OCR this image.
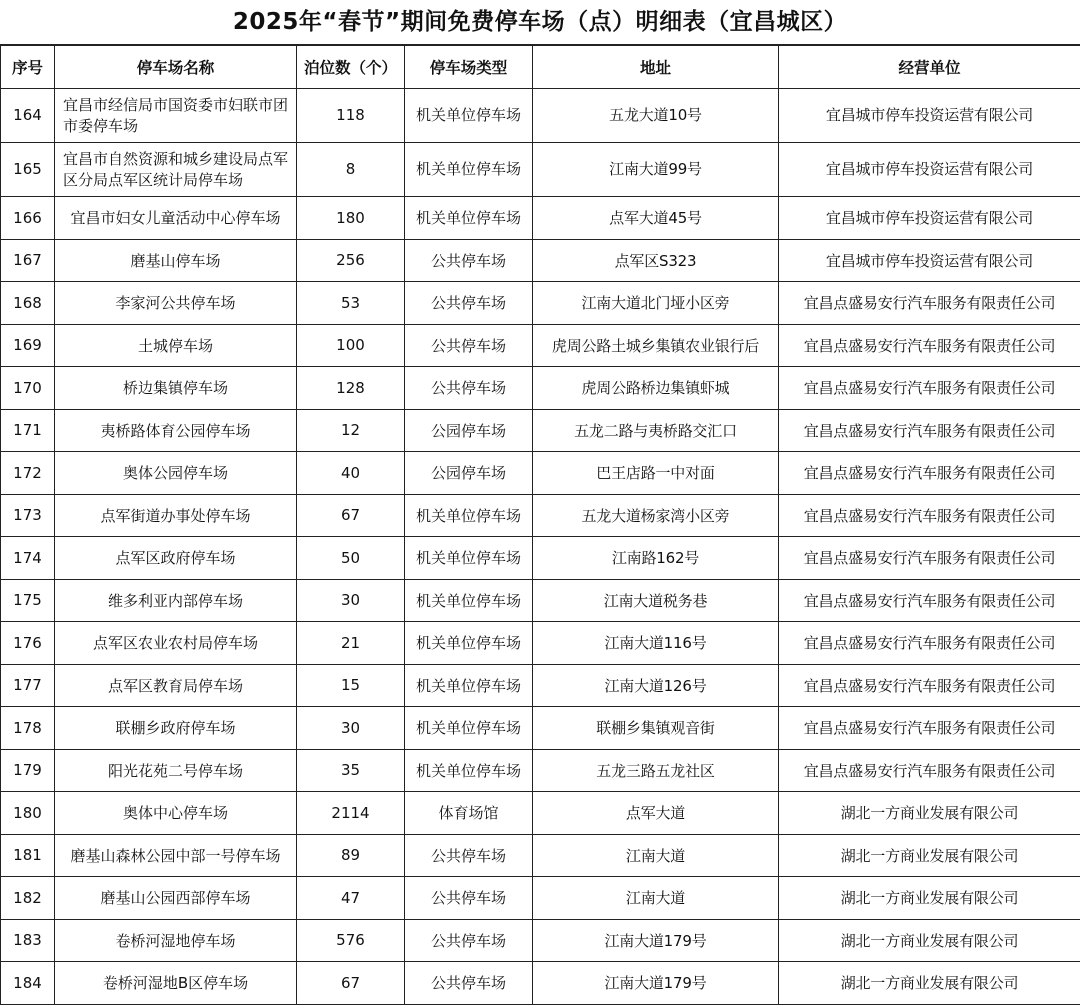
2025年“春节”期间免费停车场（点）明细表（宜昌城区）
序号	停车场名称	泊位数（个）	停车场类型	地址	经营单位
164	宜昌市经信局市国资委市妇联市团市委停车场	118	机关单位停车场	五龙大道10号	宜昌城市停车投资运营有限公司
165	宜昌市自然资源和城乡建设局点军区分局点军区统计局停车场	8	机关单位停车场	江南大道99号	宜昌城市停车投资运营有限公司
166	宜昌市妇女儿童活动中心停车场	180	机关单位停车场	点军大道45号	宜昌城市停车投资运营有限公司
167	磨基山停车场	256	公共停车场	点军区S323	宜昌城市停车投资运营有限公司
168	李家河公共停车场	53	公共停车场	江南大道北门垭小区旁	宜昌点盛易安行汽车服务有限责任公司
169	土城停车场	100	公共停车场	虎周公路土城乡集镇农业银行后	宜昌点盛易安行汽车服务有限责任公司
170	桥边集镇停车场	128	公共停车场	虎周公路桥边集镇虾城	宜昌点盛易安行汽车服务有限责任公司
171	夷桥路体育公园停车场	12	公园停车场	五龙二路与夷桥路交汇口	宜昌点盛易安行汽车服务有限责任公司
172	奥体公园停车场	40	公园停车场	巴王店路一中对面	宜昌点盛易安行汽车服务有限责任公司
173	点军街道办事处停车场	67	机关单位停车场	五龙大道杨家湾小区旁	宜昌点盛易安行汽车服务有限责任公司
174	点军区政府停车场	50	机关单位停车场	江南路162号	宜昌点盛易安行汽车服务有限责任公司
175	维多利亚内部停车场	30	机关单位停车场	江南大道税务巷	宜昌点盛易安行汽车服务有限责任公司
176	点军区农业农村局停车场	21	机关单位停车场	江南大道116号	宜昌点盛易安行汽车服务有限责任公司
177	点军区教育局停车场	15	机关单位停车场	江南大道126号	宜昌点盛易安行汽车服务有限责任公司
178	联棚乡政府停车场	30	机关单位停车场	联棚乡集镇观音街	宜昌点盛易安行汽车服务有限责任公司
179	阳光花苑二号停车场	35	机关单位停车场	五龙三路五龙社区	宜昌点盛易安行汽车服务有限责任公司
180	奥体中心停车场	2114	体育场馆	点军大道	湖北一方商业发展有限公司
181	磨基山森林公园中部一号停车场	89	公共停车场	江南大道	湖北一方商业发展有限公司
182	磨基山公园西部停车场	47	公共停车场	江南大道	湖北一方商业发展有限公司
183	卷桥河湿地停车场	576	公共停车场	江南大道179号	湖北一方商业发展有限公司
184	卷桥河湿地B区停车场	67	公共停车场	江南大道179号	湖北一方商业发展有限公司
